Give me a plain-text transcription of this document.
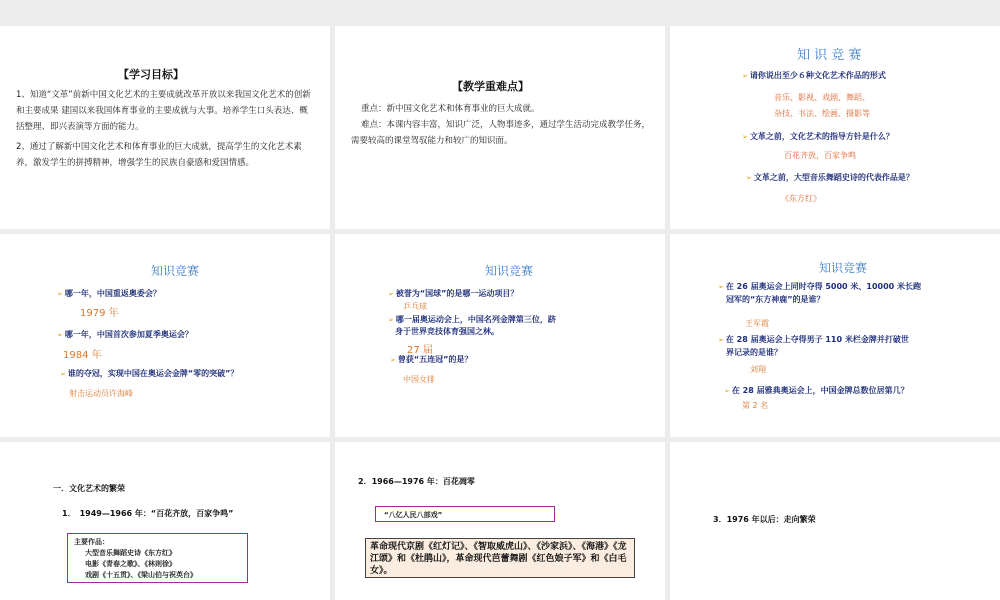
【学习目标】
1、知道“文革”前新中国文化艺术的主要成就改革开放以来我国文化艺术的创新和主要成果 建国以来我国体育事业的主要成就与大事。培养学生口头表达、概括整理、即兴表演等方面的能力。
2、通过了解新中国文化艺术和体育事业的巨大成就，提高学生的文化艺术素养，激发学生的拼搏精神，增强学生的民族自豪感和爱国情感。
【教学重难点】
重点：新中国文化艺术和体育事业的巨大成就。
难点：本课内容丰富，知识广泛，人物事迹多，通过学生活动完成教学任务，需要较高的课堂驾驭能力和较广的知识面。
知 识 竞 赛
➢ 请你说出至少６种文化艺术作品的形式
音乐、影视、戏剧、舞蹈、
杂技、书法、绘画、摄影等
➢ 文革之前，文化艺术的指导方针是什么？
百花齐放，百家争鸣
➢ 文革之前，大型音乐舞蹈史诗的代表作品是？
《东方红》
知识竞赛
➢ 哪一年，中国重返奥委会？
1979 年
➢ 哪一年，中国首次参加夏季奥运会？
1984 年
➢ 谁的夺冠，实现中国在奥运会金牌“零的突破”？
射击运动员许海峰
知识竞赛
➢ 被誉为“国球”的是哪一运动项目？
乒乓球
➢ 哪一届奥运动会上，中国名列金牌第三位，跻
身于世界竞技体育强国之林。
27 届
➢ 曾获“五连冠”的是？
中国女排
知识竞赛
➢ 在 26 届奥运会上同时夺得 5000 米、10000 米长跑
冠军的“东方神鹿”的是谁？
王军霞
➢ 在 28 届奥运会上夺得男子 110 米栏金牌并打破世
界记录的是谁？
刘翔
➢ 在 28 届雅典奥运会上，中国金牌总数位居第几？
第 2 名
一．文化艺术的繁荣
1．　1949—1966 年：“百花齐放，百家争鸣”
主要作品：
大型音乐舞蹈史诗《东方红》
电影《青春之歌》、《林则徐》
戏剧《十五贯》、《梁山伯与祝英台》
2．1966—1976 年：百花凋零
“八亿人民八部戏”
革命现代京剧《红灯记》、《智取威虎山》、《沙家浜》、《海港》《龙江颂》和《杜鹃山》，革命现代芭蕾舞剧《红色娘子军》和《白毛女》。
3．1976 年以后：走向繁荣
